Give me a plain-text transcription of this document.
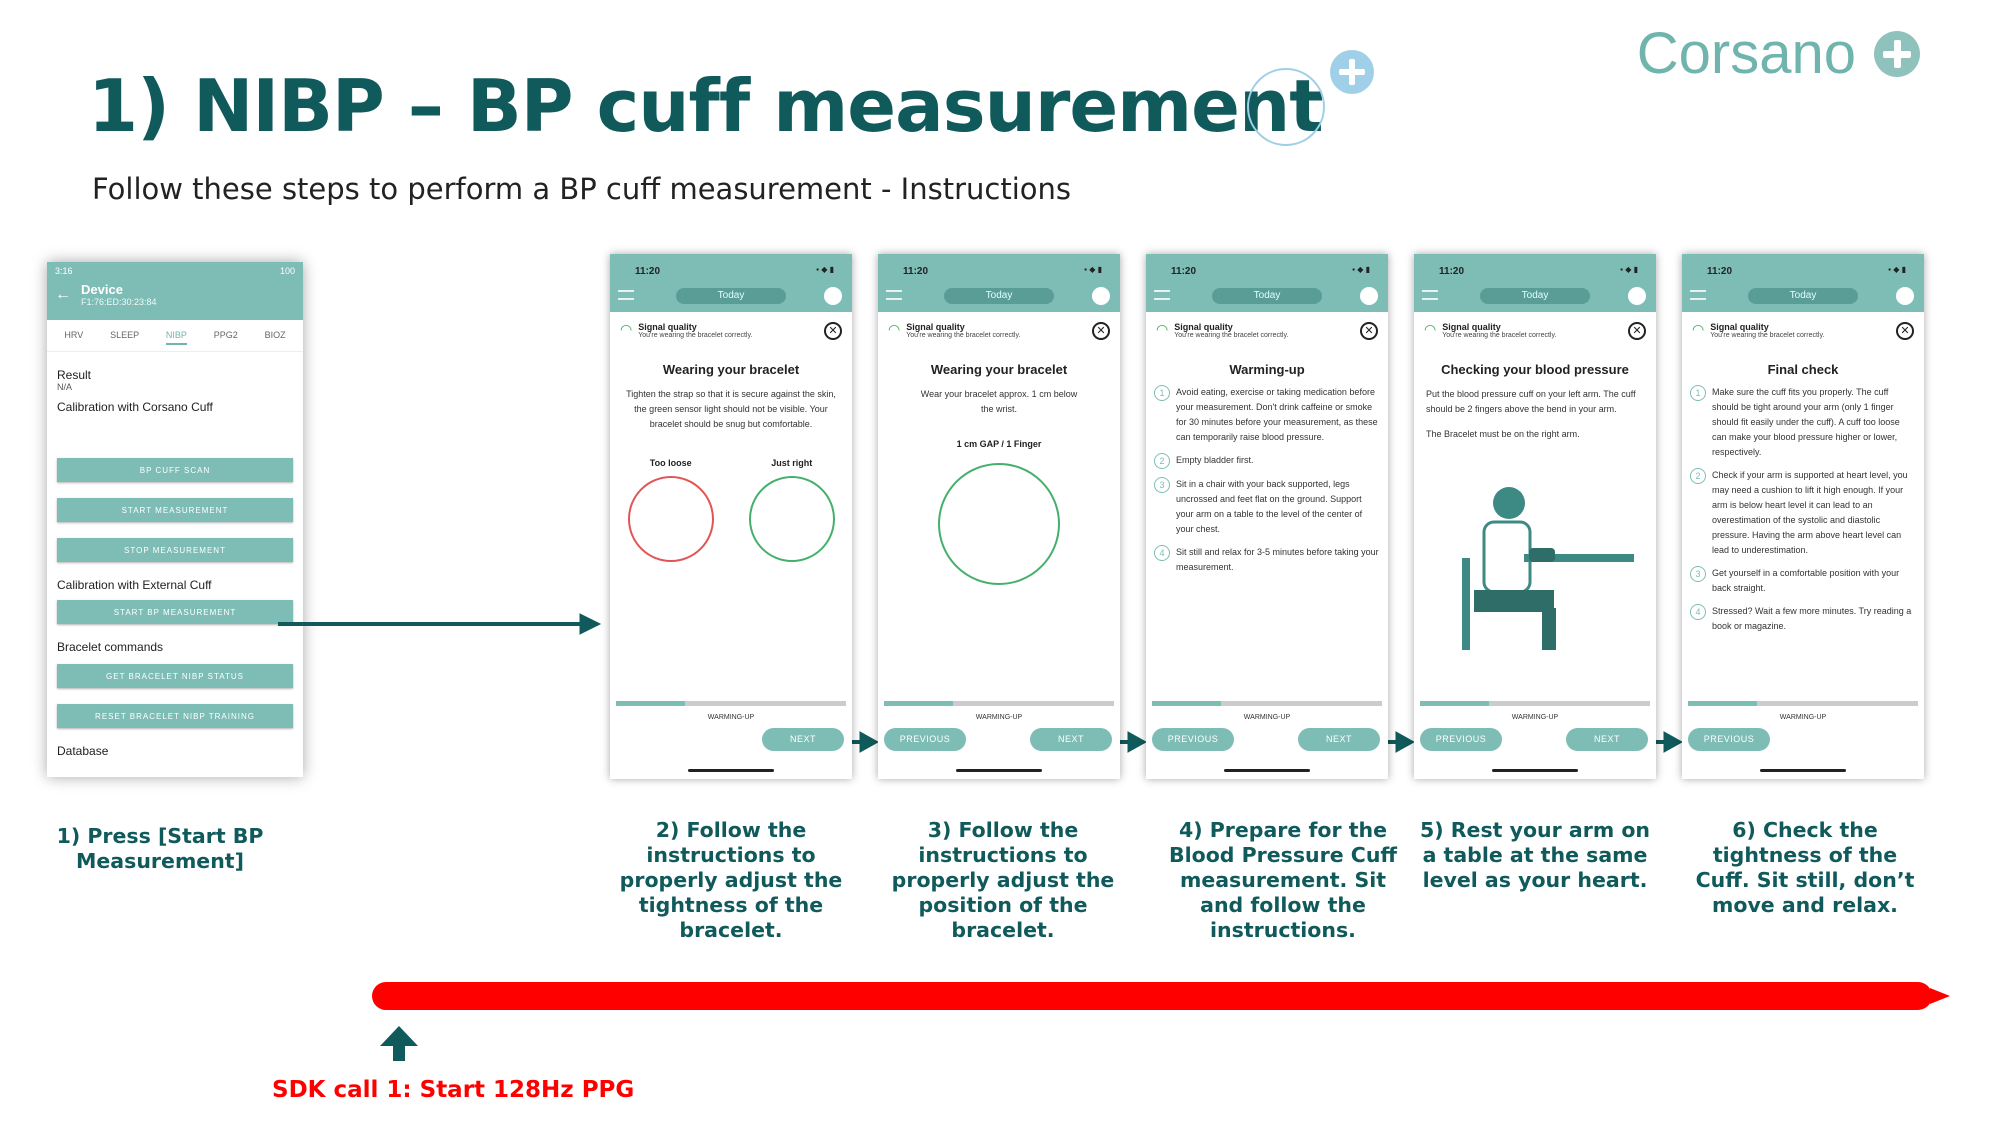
1) NIBP – BP cuff measurement
Follow these steps to perform a BP cuff measurement - Instructions
Corsano
3:16	100
← Device
F1:76:ED:30:23:84
HRV	SLEEP	NIBP	PPG2	BIOZ
Result
N/A
Calibration with Corsano Cuff
BP CUFF SCAN
START MEASUREMENT
STOP MEASUREMENT
Calibration with External Cuff
START BP MEASUREMENT
Bracelet commands
GET BRACELET NIBP STATUS
RESET BRACELET NIBP TRAINING
Database
11:20	▪ ◆ ▮
Today
◠ Signal quality
You're wearing the bracelet correctly.	✕
Wearing your bracelet
Tighten the strap so that it is secure against the skin, the green sensor light should not be visible. Your bracelet should be snug but comfortable.
Too loose	Just right
WARMING-UP
NEXT
11:20	▪ ◆ ▮
Today
◠ Signal quality
You're wearing the bracelet correctly.	✕
Wearing your bracelet
Wear your bracelet approx. 1 cm below the wrist.
1 cm GAP / 1 Finger
WARMING-UP
PREVIOUS	NEXT
11:20	▪ ◆ ▮
Today
◠ Signal quality
You're wearing the bracelet correctly.	✕
Warming-up
1	Avoid eating, exercise or taking medication before your measurement. Don't drink caffeine or smoke for 30 minutes before your measurement, as these can temporarily raise blood pressure.
2	Empty bladder first.
3	Sit in a chair with your back supported, legs uncrossed and feet flat on the ground. Support your arm on a table to the level of the center of your chest.
4	Sit still and relax for 3-5 minutes before taking your measurement.
WARMING-UP
PREVIOUS	NEXT
11:20	▪ ◆ ▮
Today
◠ Signal quality
You're wearing the bracelet correctly.	✕
Checking your blood pressure
Put the blood pressure cuff on your left arm. The cuff should be 2 fingers above the bend in your arm.
The Bracelet must be on the right arm.
WARMING-UP
PREVIOUS	NEXT
11:20	▪ ◆ ▮
Today
◠ Signal quality
You're wearing the bracelet correctly.	✕
Final check
1	Make sure the cuff fits you properly. The cuff should be tight around your arm (only 1 finger should fit easily under the cuff). A cuff too loose can make your blood pressure higher or lower, respectively.
2	Check if your arm is supported at heart level, you may need a cushion to lift it high enough. If your arm is below heart level it can lead to an overestimation of the systolic and diastolic pressure. Having the arm above heart level can lead to underestimation.
3	Get yourself in a comfortable position with your back straight.
4	Stressed? Wait a few more minutes. Try reading a book or magazine.
WARMING-UP
PREVIOUS
1) Press [Start BP Measurement]
2) Follow the instructions to properly adjust the tightness of the bracelet.
3) Follow the instructions to properly adjust the position of the bracelet.
4) Prepare for the Blood Pressure Cuff measurement. Sit and follow the instructions.
5) Rest your arm on a table at the same level as your heart.
6) Check the tightness of the Cuff. Sit still, don’t move and relax.
SDK call 1: Start 128Hz PPG
